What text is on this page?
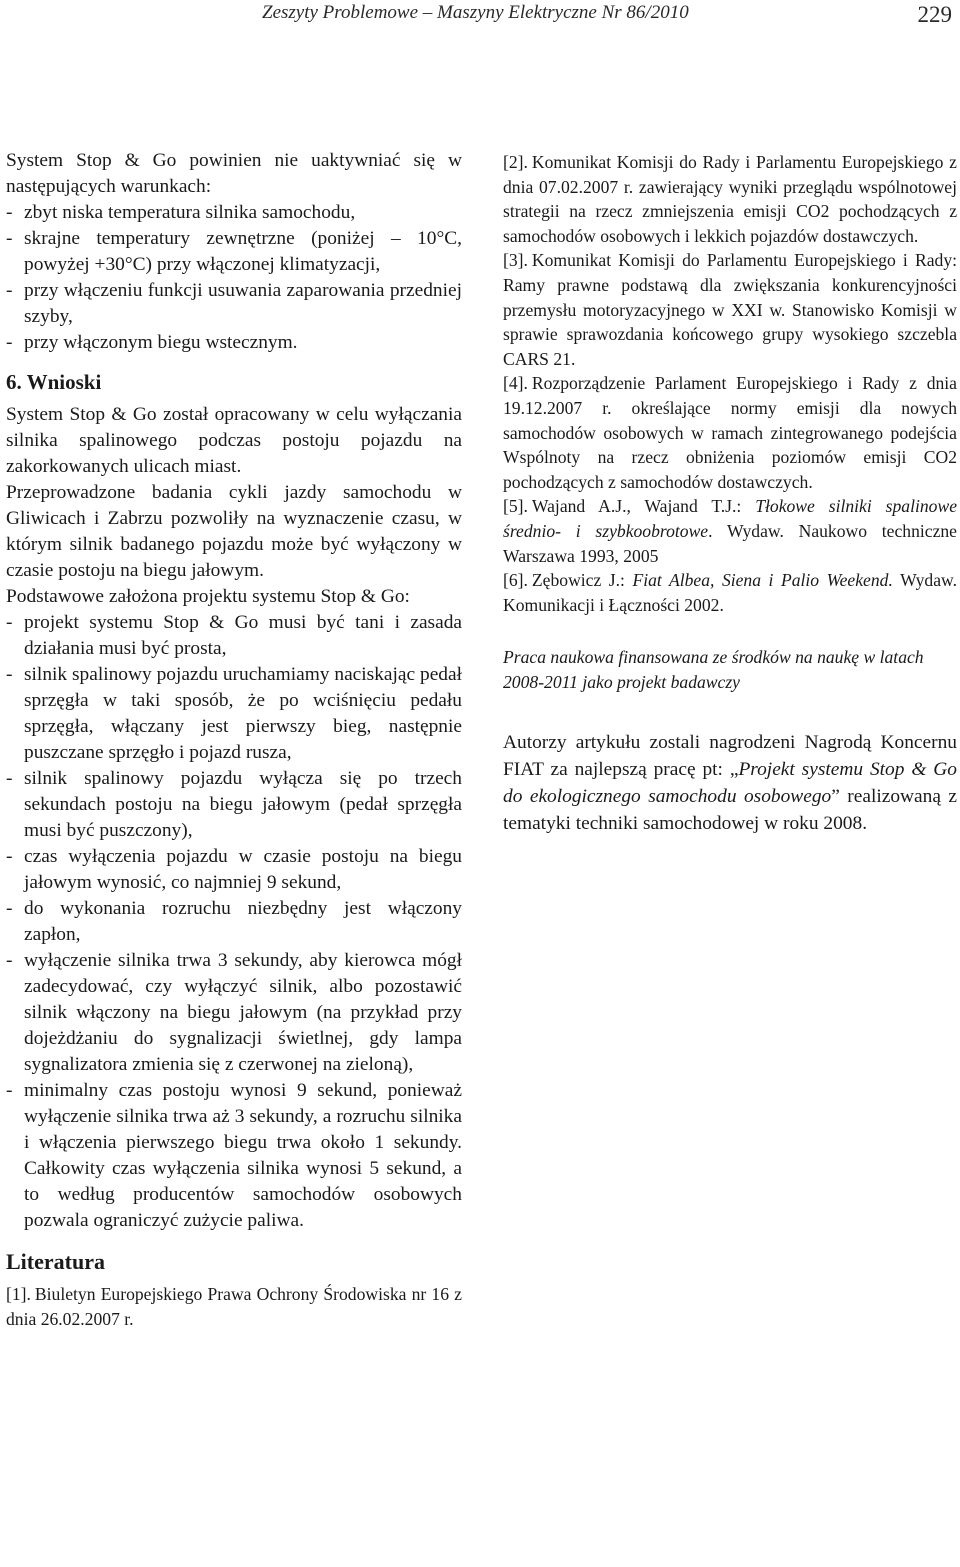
Zeszyty Problemowe – Maszyny Elektryczne Nr 86/2010	229

System Stop & Go powinien nie uaktywniać się w następujących warunkach:

- zbyt niska temperatura silnika samochodu,
- skrajne temperatury zewnętrzne (poniżej – 10°C, powyżej +30°C) przy włączonej klimatyzacji,
- przy włączeniu funkcji usuwania zaparowania przedniej szyby,
- przy włączonym biegu wstecznym.
6. Wnioski

System Stop & Go został opracowany w celu wyłączania silnika spalinowego podczas postoju pojazdu na zakorkowanych ulicach miast.

Przeprowadzone badania cykli jazdy samochodu w Gliwicach i Zabrzu pozwoliły na wyznaczenie czasu, w którym silnik badanego pojazdu może być wyłączony w czasie postoju na biegu jałowym.

Podstawowe założona projektu systemu Stop & Go:

- projekt systemu Stop & Go musi być tani i zasada działania musi być prosta,
- silnik spalinowy pojazdu uruchamiamy naciskając pedał sprzęgła w taki sposób, że po wciśnięciu pedału sprzęgła, włączany jest pierwszy bieg, następnie puszczane sprzęgło i pojazd rusza,
- silnik spalinowy pojazdu wyłącza się po trzech sekundach postoju na biegu jałowym (pedał sprzęgła musi być puszczony),
- czas wyłączenia pojazdu w czasie postoju na biegu jałowym wynosić, co najmniej 9 sekund,
- do wykonania rozruchu niezbędny jest włączony zapłon,
- wyłączenie silnika trwa 3 sekundy, aby kierowca mógł zadecydować, czy wyłączyć silnik, albo pozostawić silnik włączony na biegu jałowym (na przykład przy dojeżdżaniu do sygnalizacji świetlnej, gdy lampa sygnalizatora zmienia się z czerwonej na zieloną),
- minimalny czas postoju wynosi 9 sekund, ponieważ wyłączenie silnika trwa aż 3 sekundy, a rozruchu silnika i włączenia pierwszego biegu trwa około 1 sekundy. Całkowity czas wyłączenia silnika wynosi 5 sekund, a to według producentów samochodów osobowych pozwala ograniczyć zużycie paliwa.
Literatura

[1]. Biuletyn Europejskiego Prawa Ochrony Środowiska nr 16 z dnia 26.02.2007 r.

[2]. Komunikat Komisji do Rady i Parlamentu Europejskiego z dnia 07.02.2007 r. zawierający wyniki przeglądu wspólnotowej strategii na rzecz zmniejszenia emisji CO2 pochodzących z samochodów osobowych i lekkich pojazdów dostawczych.

[3]. Komunikat Komisji do Parlamentu Europejskiego i Rady: Ramy prawne podstawą dla zwiększania konkurencyjności przemysłu motoryzacyjnego w XXI w. Stanowisko Komisji w sprawie sprawozdania końcowego grupy wysokiego szczebla CARS 21.

[4]. Rozporządzenie Parlament Europejskiego i Rady z dnia 19.12.2007 r. określające normy emisji dla nowych samochodów osobowych w ramach zintegrowanego podejścia Wspólnoty na rzecz obniżenia poziomów emisji CO2 pochodzących z samochodów dostawczych.

[5]. Wajand A.J., Wajand T.J.: Tłokowe silniki spalinowe średnio- i szybkoobrotowe. Wydaw. Naukowo techniczne Warszawa 1993, 2005

[6]. Zębowicz J.: Fiat Albea, Siena i Palio Weekend. Wydaw. Komunikacji i Łączności 2002.

Praca naukowa finansowana ze środków na naukę w latach 2008-2011 jako projekt badawczy

Autorzy artykułu zostali nagrodzeni Nagrodą Koncernu FIAT za najlepszą pracę pt: „Projekt systemu Stop & Go do ekologicznego samochodu osobowego” realizowaną z tematyki techniki samochodowej w roku 2008.
